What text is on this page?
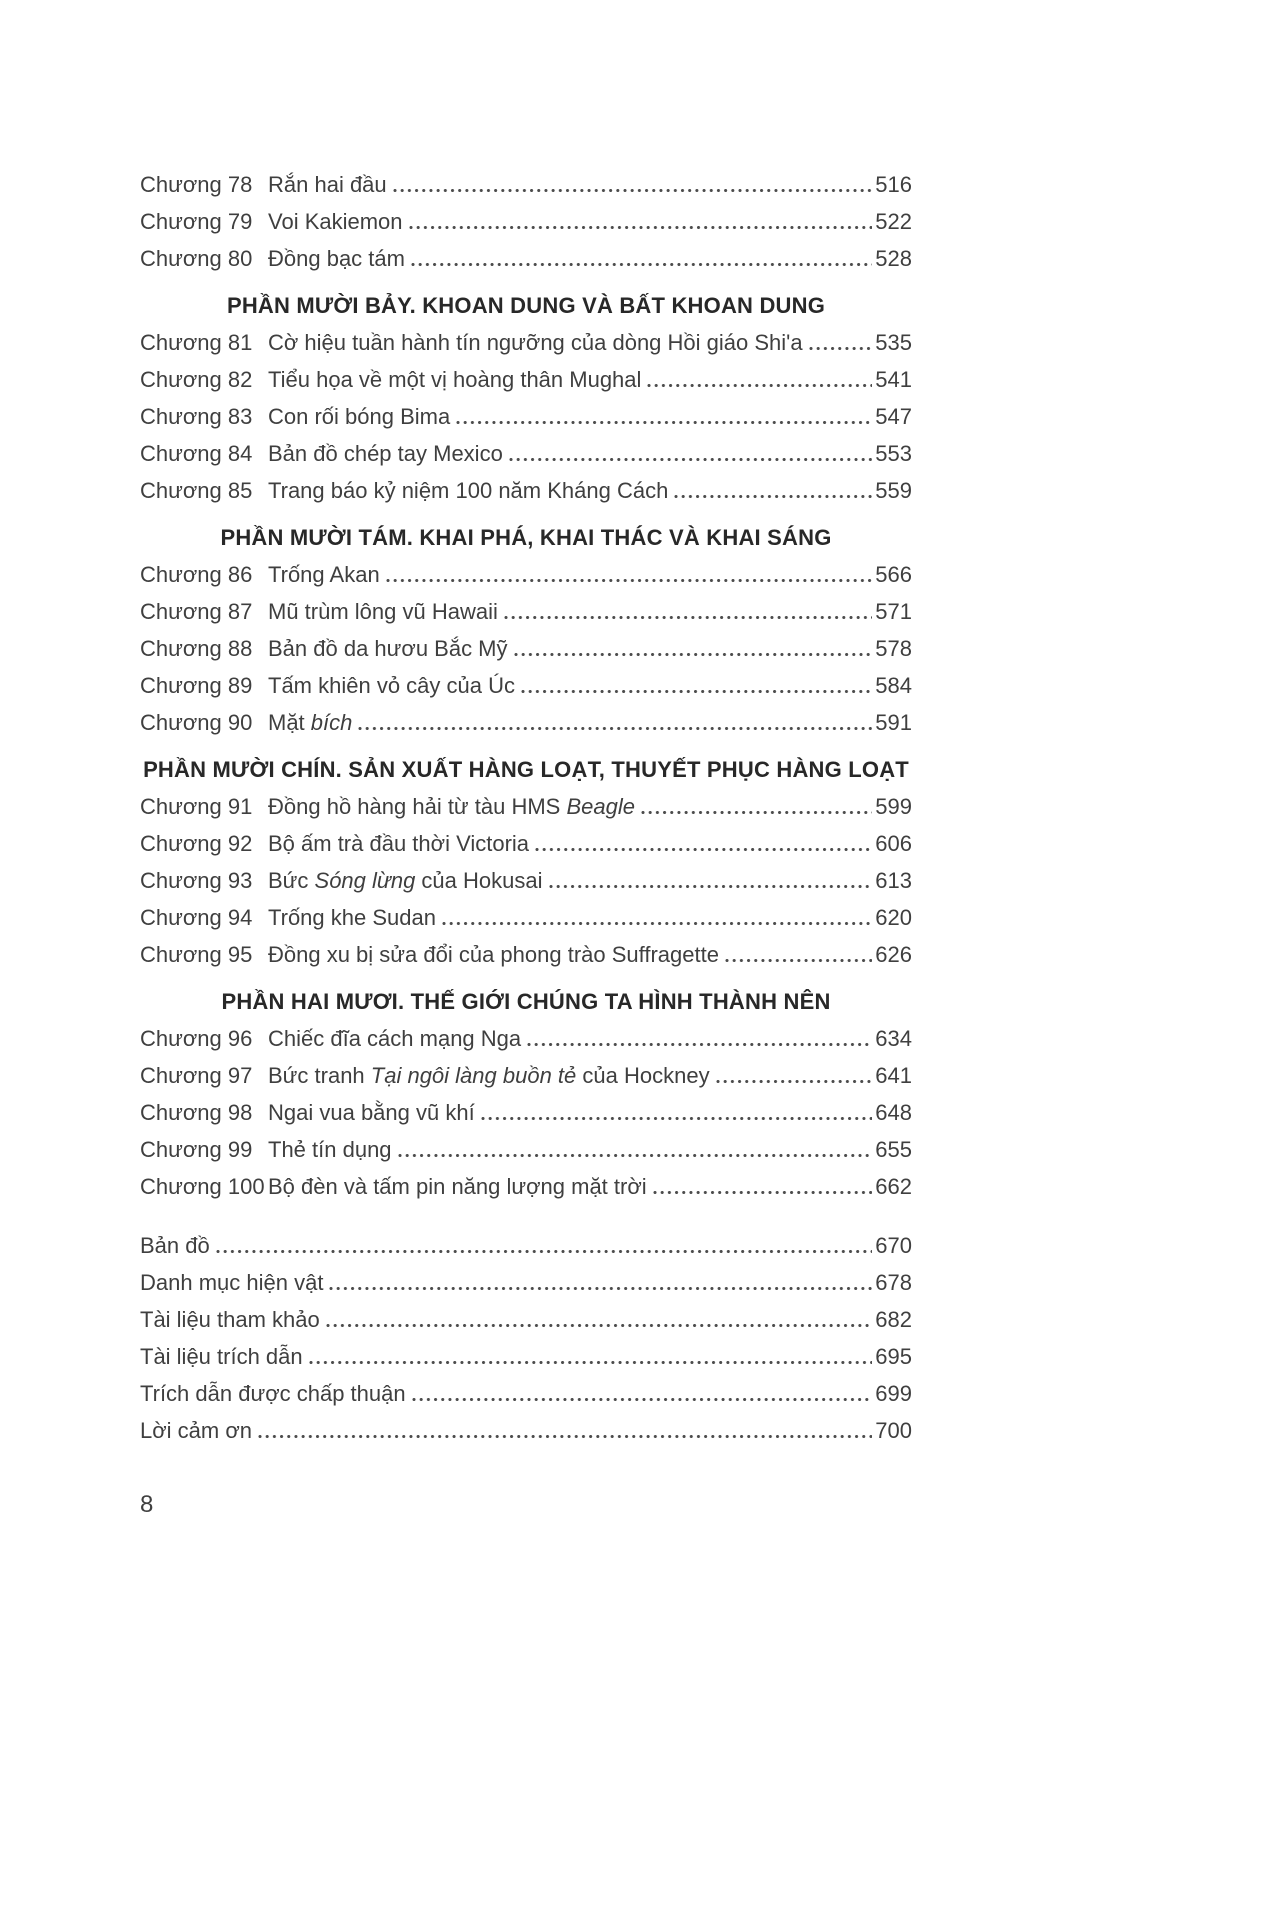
Chương 78 Rắn hai đầu	516
Chương 79 Voi Kakiemon	522
Chương 80 Đồng bạc tám	528
PHẦN MƯỜI BẢY. KHOAN DUNG VÀ BẤT KHOAN DUNG
Chương 81 Cờ hiệu tuần hành tín ngưỡng của dòng Hồi giáo Shi'a	535
Chương 82 Tiểu họa về một vị hoàng thân Mughal	541
Chương 83 Con rối bóng Bima	547
Chương 84 Bản đồ chép tay Mexico	553
Chương 85 Trang báo kỷ niệm 100 năm Kháng Cách	559
PHẦN MƯỜI TÁM. KHAI PHÁ, KHAI THÁC VÀ KHAI SÁNG
Chương 86 Trống Akan	566
Chương 87 Mũ trùm lông vũ Hawaii	571
Chương 88 Bản đồ da hươu Bắc Mỹ	578
Chương 89 Tấm khiên vỏ cây của Úc	584
Chương 90 Mặt bích	591
PHẦN MƯỜI CHÍN. SẢN XUẤT HÀNG LOẠT, THUYẾT PHỤC HÀNG LOẠT
Chương 91 Đồng hồ hàng hải từ tàu HMS Beagle	599
Chương 92 Bộ ấm trà đầu thời Victoria	606
Chương 93 Bức Sóng lừng của Hokusai	613
Chương 94 Trống khe Sudan	620
Chương 95 Đồng xu bị sửa đổi của phong trào Suffragette	626
PHẦN HAI MƯƠI. THẾ GIỚI CHÚNG TA HÌNH THÀNH NÊN
Chương 96 Chiếc đĩa cách mạng Nga	634
Chương 97 Bức tranh Tại ngôi làng buồn tẻ của Hockney	641
Chương 98 Ngai vua bằng vũ khí	648
Chương 99 Thẻ tín dụng	655
Chương 100 Bộ đèn và tấm pin năng lượng mặt trời	662
Bản đồ	670
Danh mục hiện vật	678
Tài liệu tham khảo	682
Tài liệu trích dẫn	695
Trích dẫn được chấp thuận	699
Lời cảm ơn	700
8
